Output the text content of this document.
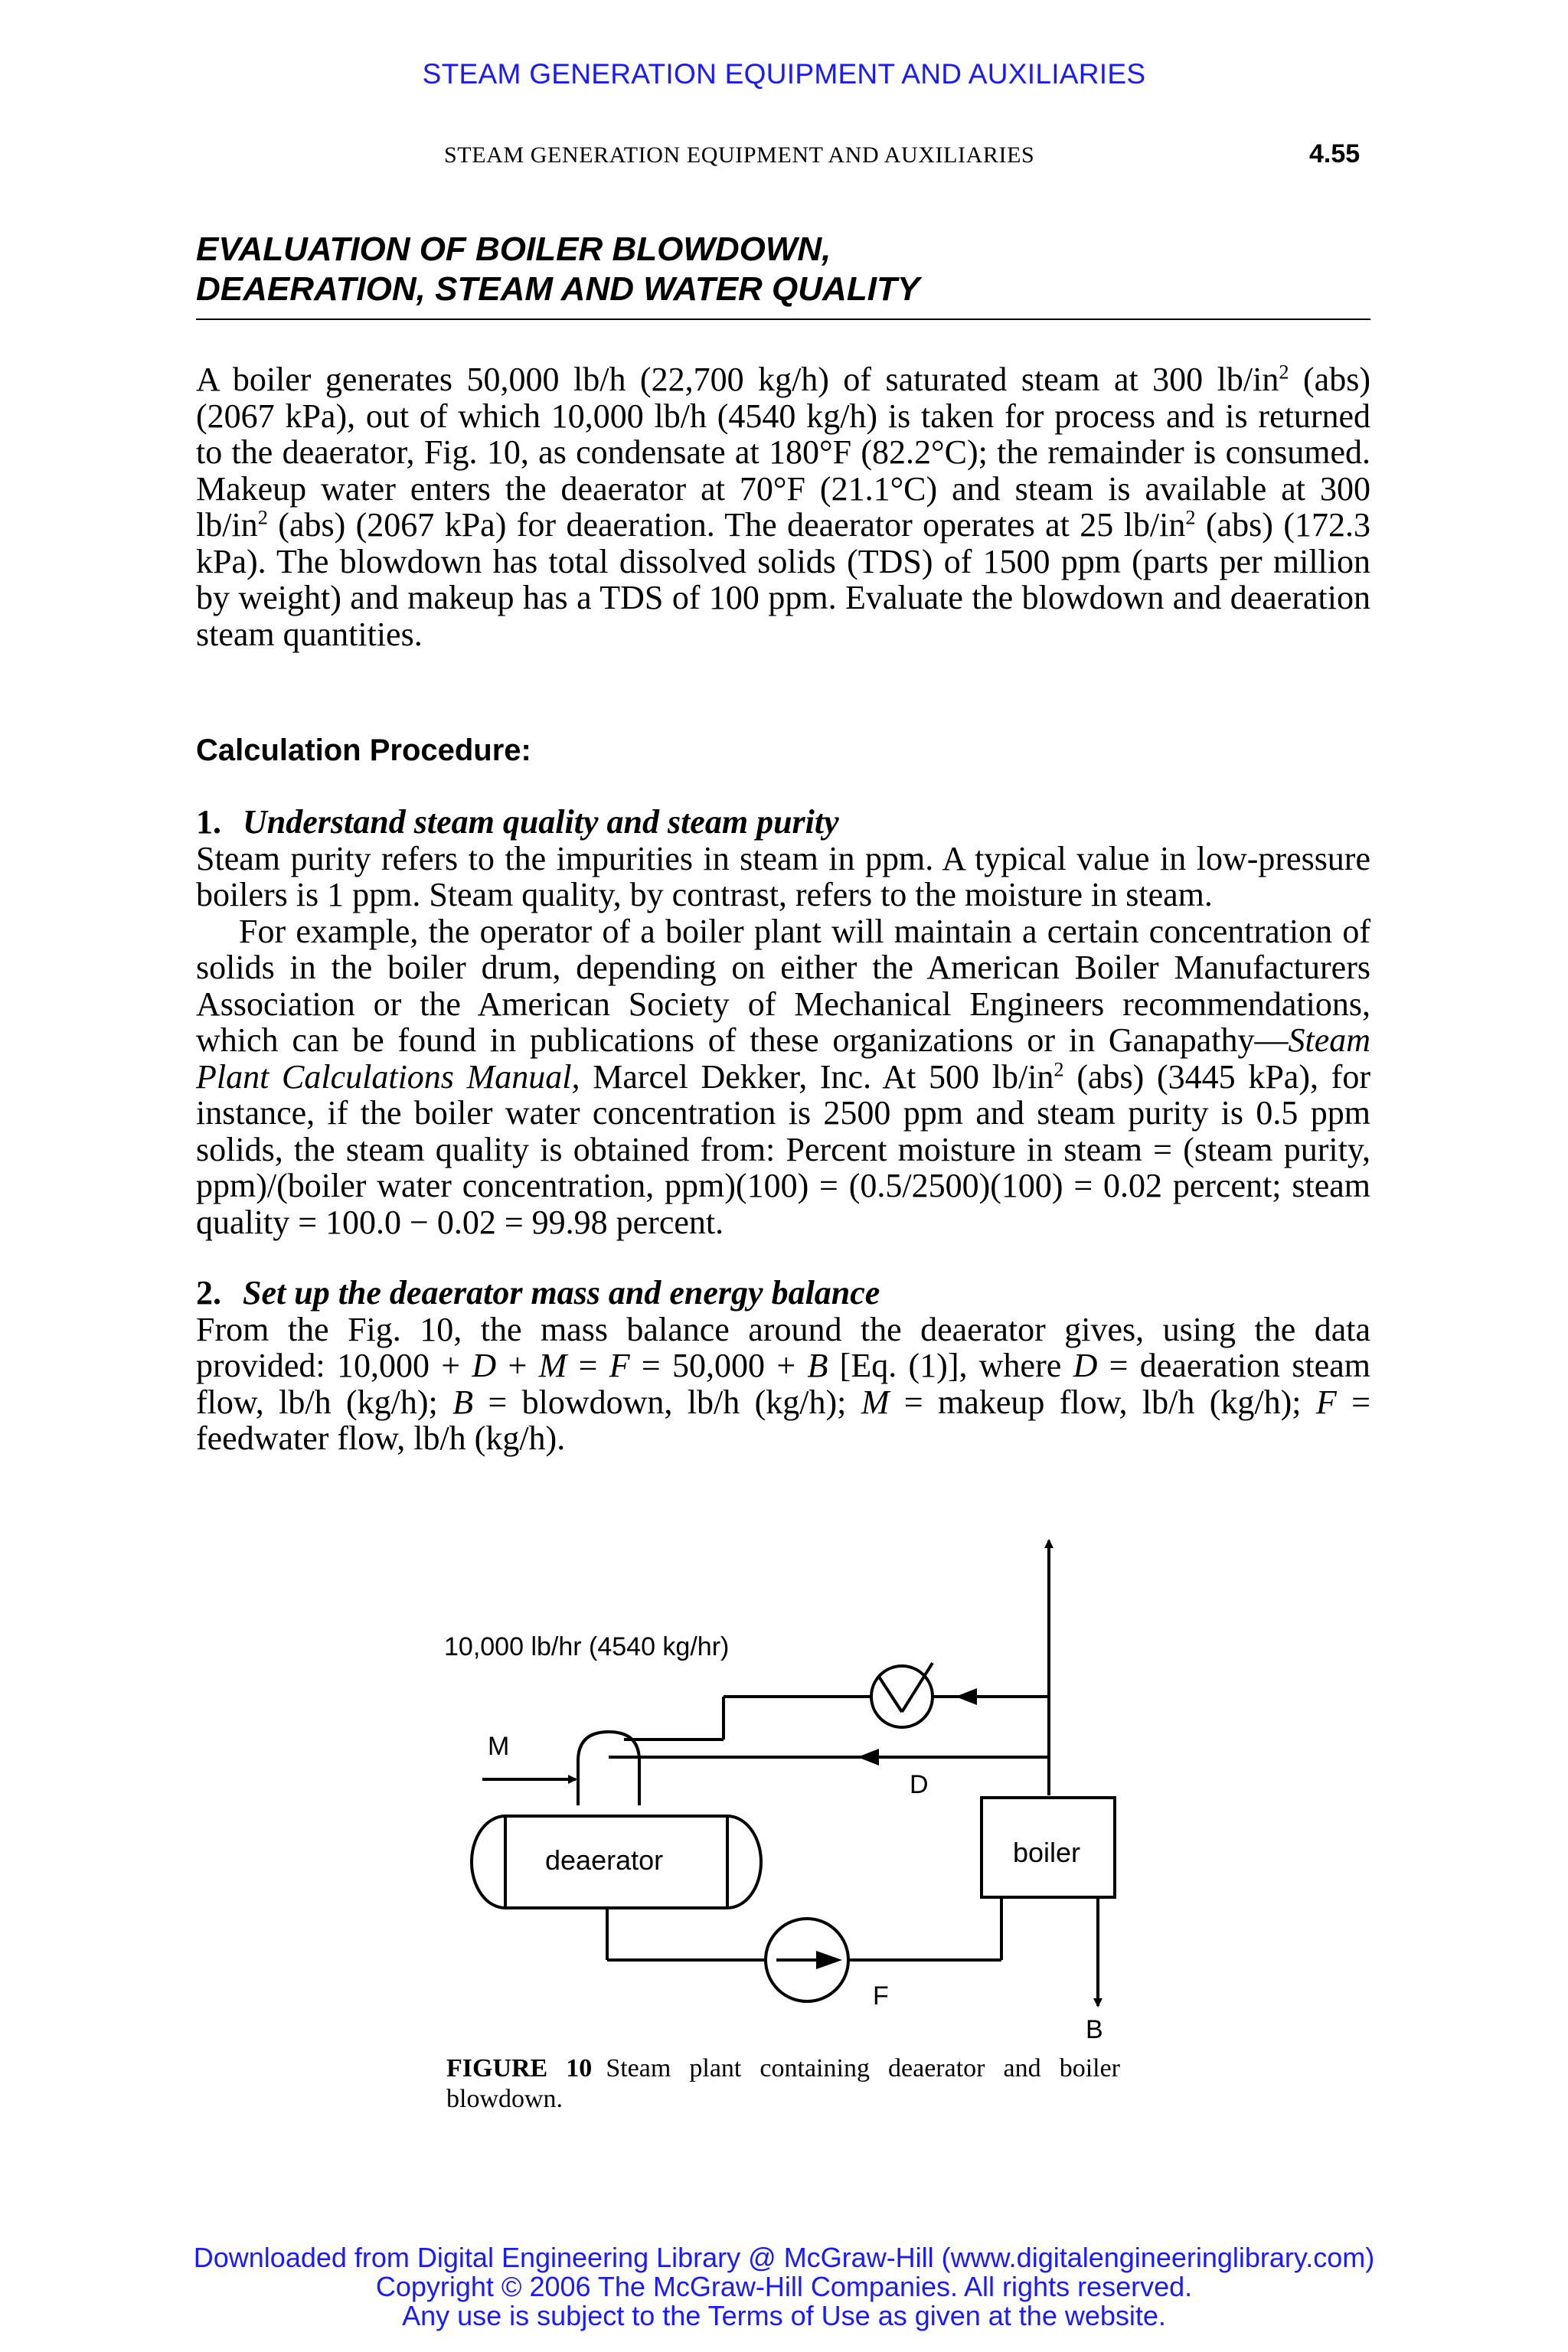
STEAM GENERATION EQUIPMENT AND AUXILIARIES
STEAM GENERATION EQUIPMENT AND AUXILIARIES	4.55
EVALUATION OF BOILER BLOWDOWN,
DEAERATION, STEAM AND WATER QUALITY

A boiler generates 50,000 lb/h (22,700 kg/h) of saturated steam at 300 $lb/in^2$ (abs) (2067 kPa), out of which 10,000 lb/h (4540 kg/h) is taken for process and is returned to the deaerator, Fig. 10, as condensate at 180°F (82.2°C); the remainder is consumed. Makeup water enters the deaerator at 70°F (21.1°C) and steam is available at 300 $lb/in^2$ (abs) (2067 kPa) for deaeration. The deaerator operates at 25 $lb/in^2$ (abs) (172.3 kPa). The blowdown has total dissolved solids (TDS) of 1500 ppm (parts per million by weight) and makeup has a TDS of 100 ppm. Evaluate the blowdown and deaeration steam quantities.

Calculation Procedure:
1. Understand steam quality and steam purity

Steam purity refers to the impurities in steam in ppm. A typical value in low-pressure boilers is 1 ppm. Steam quality, by contrast, refers to the moisture in steam.

For example, the operator of a boiler plant will maintain a certain concentration of solids in the boiler drum, depending on either the American Boiler Manufacturers Association or the American Society of Mechanical Engineers recommendations, which can be found in publications of these organizations or in Ganapathy—Steam Plant Calculations Manual, Marcel Dekker, Inc. At 500 $lb/in^2$ (abs) (3445 kPa), for instance, if the boiler water concentration is 2500 ppm and steam purity is 0.5 ppm solids, the steam quality is obtained from: Percent moisture in steam = (steam purity, ppm)/(boiler water concentration, ppm)(100) = (0.5/2500)(100) = 0.02 percent; steam quality = 100.0 − 0.02 = 99.98 percent.

2. Set up the deaerator mass and energy balance

From the Fig. 10, the mass balance around the deaerator gives, using the data provided: 10,000 + D + M = F = 50,000 + B [Eq. (1)], where D = deaeration steam flow, lb/h (kg/h); B = blowdown, lb/h (kg/h); M = makeup flow, lb/h (kg/h); F = feedwater flow, lb/h (kg/h).

10,000 lb/hr (4540 kg/hr)
M
D
deaerator	boiler
F
B
FIGURE 10 Steam plant containing deaerator and boiler blowdown.
Downloaded from Digital Engineering Library @ McGraw-Hill (www.digitalengineeringlibrary.com)
Copyright © 2006 The McGraw-Hill Companies. All rights reserved.
Any use is subject to the Terms of Use as given at the website.
